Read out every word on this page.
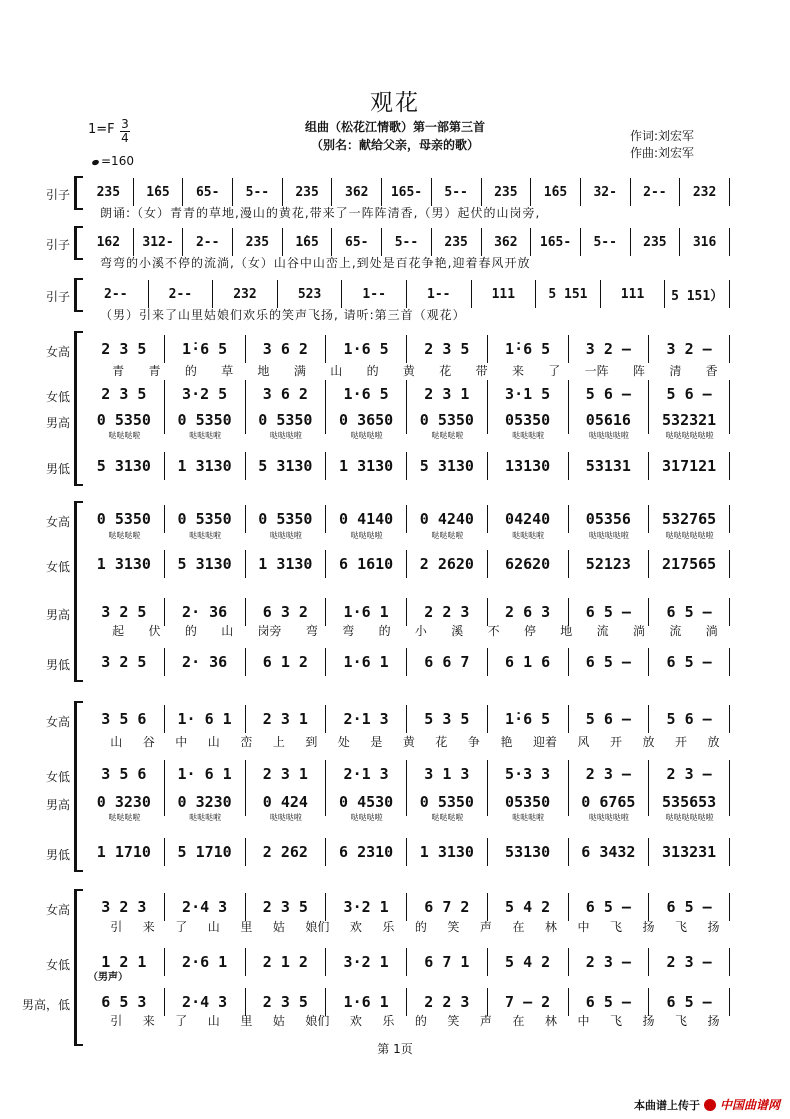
观花
组曲（松花江情歌）第一部第三首
（别名：献给父亲，母亲的歌）
作词:刘宏军
作曲:刘宏军
1=F 3
4
=160
引子	235	1̇65	65-	5--	235	362	165-	5--	235	1̇65	32-	2--	232
朗诵:（女）青青的草地,漫山的黄花,带来了一阵阵清香,（男）起伏的山岗旁,
引子	162	312-	2--	235	1̇65	65-	5--	235	362	165-	5--	235	316
弯弯的小溪不停的流淌,（女）山谷中山峦上,到处是百花争艳,迎着春风开放
引子	2--	2--	232	523	1--	1--	111	5 151	111	5 151）
（男）引来了山里姑娘们欢乐的笑声飞扬, 请听:第三首（观花）
女高	2 3 5	1̇·6 5	3 6 2	1·6 5	2 3 5	1̇·6 5	3 2 –	3 2 –
青 青 的 草 地 满 山 的 黄 花 带 来 了 一阵 阵 清 香
女低	2 3 5	3·2 5	3 6 2	1·6 5	2 3 1	3·1 5	5 6 –	5 6 –
男高	0 5350	0 5350	0 5350	0 3650	0 5350	05350	05616	532321
哒哒哒啦	哒哒哒啦	哒哒哒啦	哒哒哒啦	哒哒哒啦	哒哒哒啦	哒哒哒哒啦	哒哒哒哒哒啦
男低	5 3130	1 3130	5 3130	1 3130	5 3130	13130	53131	317121
女高	0 5350	0 5350	0 5350	0 4140	0 4240	04240	05356	532765
哒哒哒啦	哒哒哒啦	哒哒哒啦	哒哒哒啦	哒哒哒啦	哒哒哒啦	哒哒哒哒啦	哒哒哒哒哒啦
女低	1 3130	5 3130	1 3130	6 1610	2 2620	62620	52123	217565
男高	3 2 5	2· 36	6 3 2	1·6 1	2 2 3	2 6 3	6 5 –	6 5 –
起 伏 的 山 岗旁 弯 弯 的 小 溪 不 停 地 流 淌 流 淌
男低	3 2 5	2· 36	6 1 2	1·6 1	6 6 7	6 1 6	6 5 –	6 5 –
女高	3 5 6	1· 6 1	2 3 1	2·1 3	5 3 5	1̇·6 5	5 6 –	5 6 –
山 谷 中 山 峦 上 到 处 是 黄 花 争 艳 迎着 风 开 放 开 放
女低	3 5 6	1· 6 1	2 3 1	2·1 3	3 1 3	5·3 3	2 3 –	2 3 –
男高	0 3230	0 3230	0 424	0 4530	0 5350	05350	0 6765	535653
哒哒哒啦	哒哒哒啦	哒哒哒啦	哒哒哒啦	哒哒哒啦	哒哒哒啦	哒哒哒哒啦	哒哒哒哒哒啦
男低	1 1710	5 1710	2 262	6 2310	1 3130	53130	6 3432	313231
女高	3 2 3	2·4 3	2 3 5	3·2 1	6 7 2	5 4 2	6 5 –	6 5 –
引 来 了 山 里 姑 娘们 欢 乐 的 笑 声 在 林 中 飞 扬 飞 扬
女低	1 2 1	2·6 1	2 1 2	3·2 1	6 7 1	5 4 2	2 3 –	2 3 –
（男声）
男高，低	6 5 3	2·4 3	2 3 5	1·6 1	2 2 3	7 – 2	6 5 –	6 5 –
引 来 了 山 里 姑 娘们 欢 乐 的 笑 声 在 林 中 飞 扬 飞 扬
第 1页
本曲谱上传于 中国曲谱网
